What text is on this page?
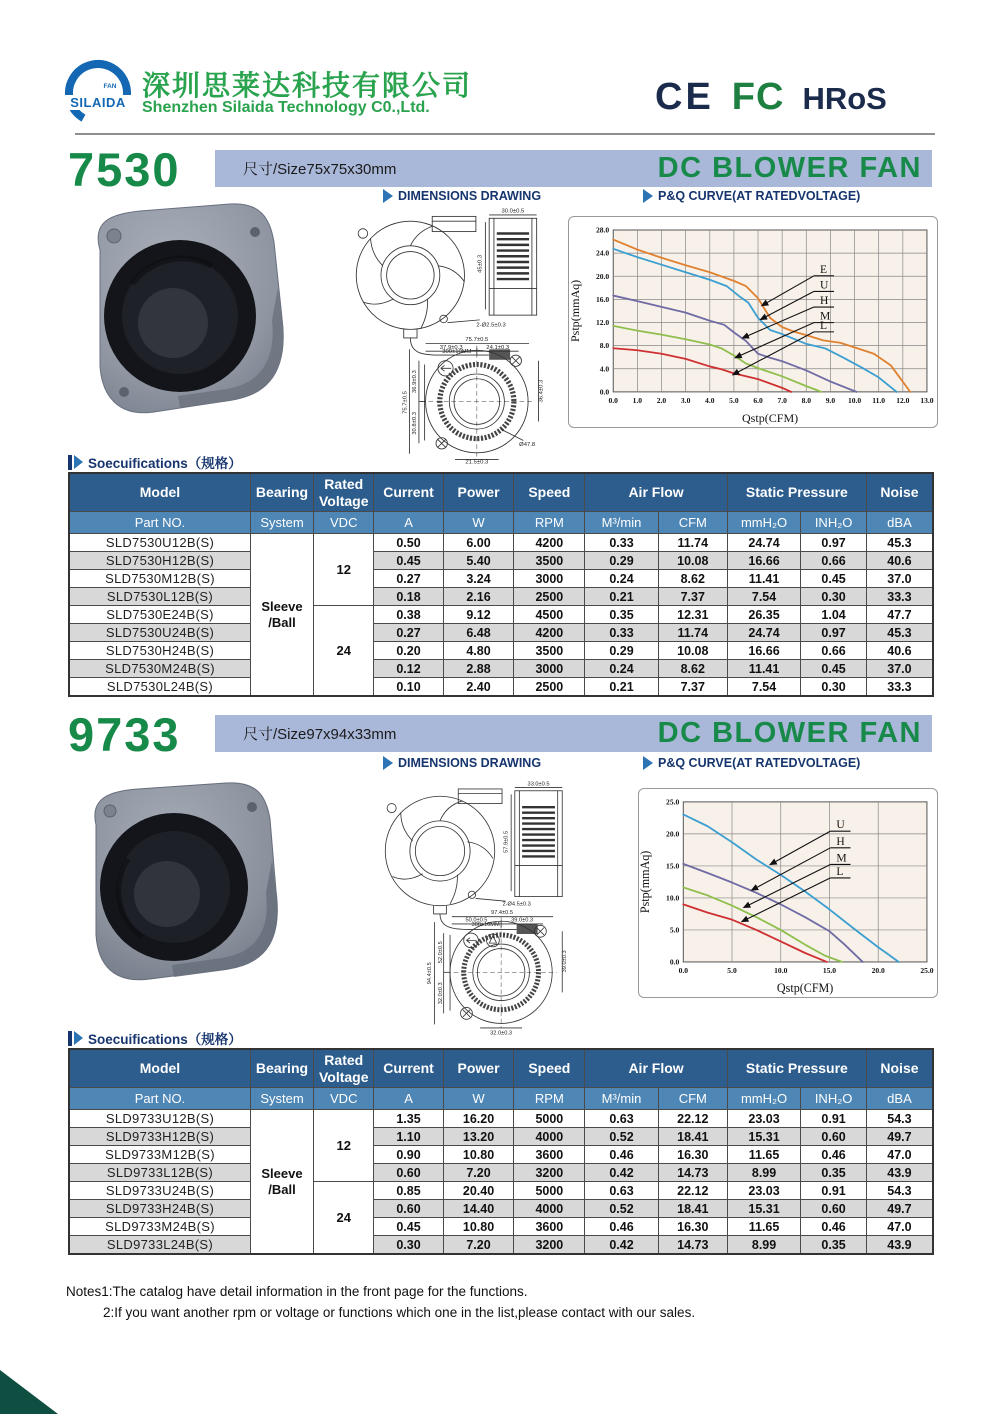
SILAIDA
FAN 深圳思莱达科技有限公司
Shenzhen Silaida Technology C0.,Ltd.	CE FC HRoS
7530	尺寸/Size75x75x30mm	DC BLOWER FAN
DIMENSIONS DRAWING	P&Q CURVE(AT RATEDVOLTAGE)
30.0±0.5
45±0.3
2-Ø2.5±0.3
300±10MM
75.7±0.5
37.9±0.3	24.1±0.3
75.7±0.5
36.9±0.3
30.8±0.3
36.4±0.3
21.5±0.3
Ø47.8
0.0 1.0 2.0 3.0 4.0 5.0 6.0 7.0 8.0 9.0 10.0 11.0 12.0 13.0
0.0
4.0
8.0
12.0
16.0
20.0
24.0
28.0
Qstp(CFM)
Pstp(mmAq)
E
U
H
M
L
Soecuifications（规格）
Model	Bearing	Rated Voltage	Current	Power	Speed	Air Flow		Static Pressure		Noise
Part NO.	System	VDC	A	W	RPM	M³/min	CFM	mmH₂O	INH₂O	dBA
SLD7530U12B(S)	Sleeve /Ball	12	0.50	6.00	4200	0.33	11.74	24.74	0.97	45.3
SLD7530H12B(S)			0.45	5.40	3500	0.29	10.08	16.66	0.66	40.6
SLD7530M12B(S)			0.27	3.24	3000	0.24	8.62	11.41	0.45	37.0
SLD7530L12B(S)			0.18	2.16	2500	0.21	7.37	7.54	0.30	33.3
SLD7530E24B(S)		24	0.38	9.12	4500	0.35	12.31	26.35	1.04	47.7
SLD7530U24B(S)			0.27	6.48	4200	0.33	11.74	24.74	0.97	45.3
SLD7530H24B(S)			0.20	4.80	3500	0.29	10.08	16.66	0.66	40.6
SLD7530M24B(S)			0.12	2.88	3000	0.24	8.62	11.41	0.45	37.0
SLD7530L24B(S)			0.10	2.40	2500	0.21	7.37	7.54	0.30	33.3
9733	尺寸/Size97x94x33mm	DC BLOWER FAN
DIMENSIONS DRAWING	P&Q CURVE(AT RATEDVOLTAGE)
33.0±0.5
57.9±0.5
2-Ø4.5±0.3
300±10MM
97.4±0.5
50.0±0.5	39.0±0.3
94.4±0.5
52.0±0.5
32.0±0.3
39.0±0.3
32.0±0.3
0.0	5.0	10.0	15.0	20.0	25.0
0.0
5.0
10.0
15.0
20.0
25.0
Qstp(CFM)
Pstp(mmAq)
U
H
M
L
Soecuifications（规格）
Model	Bearing	Rated Voltage	Current	Power	Speed	Air Flow		Static Pressure		Noise
Part NO.	System	VDC	A	W	RPM	M³/min	CFM	mmH₂O	INH₂O	dBA
SLD9733U12B(S)	Sleeve /Ball	12	1.35	16.20	5000	0.63	22.12	23.03	0.91	54.3
SLD9733H12B(S)			1.10	13.20	4000	0.52	18.41	15.31	0.60	49.7
SLD9733M12B(S)			0.90	10.80	3600	0.46	16.30	11.65	0.46	47.0
SLD9733L12B(S)			0.60	7.20	3200	0.42	14.73	8.99	0.35	43.9
SLD9733U24B(S)		24	0.85	20.40	5000	0.63	22.12	23.03	0.91	54.3
SLD9733H24B(S)			0.60	14.40	4000	0.52	18.41	15.31	0.60	49.7
SLD9733M24B(S)			0.45	10.80	3600	0.46	16.30	11.65	0.46	47.0
SLD9733L24B(S)			0.30	7.20	3200	0.42	14.73	8.99	0.35	43.9
Notes1:The catalog have detail information in the front page for the functions.
2:If you want another rpm or voltage or functions which one in the list,please contact with our sales.
